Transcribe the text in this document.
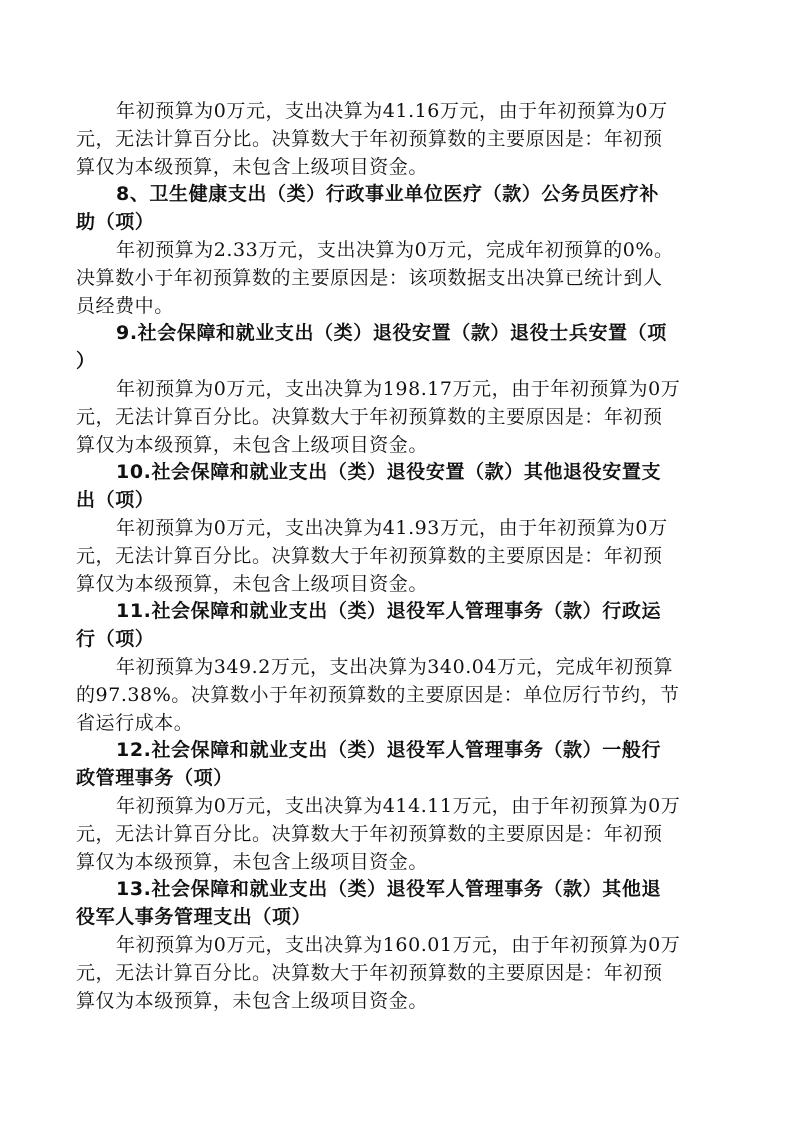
年初预算为0万元，支出决算为41.16万元，由于年初预算为0万
元，无法计算百分比。决算数大于年初预算数的主要原因是：年初预
算仅为本级预算，未包含上级项目资金。
8、卫生健康支出（类）行政事业单位医疗（款）公务员医疗补
助（项）
年初预算为2.33万元，支出决算为0万元，完成年初预算的0%。
决算数小于年初预算数的主要原因是：该项数据支出决算已统计到人
员经费中。
9.社会保障和就业支出（类）退役安置（款）退役士兵安置（项
）
年初预算为0万元，支出决算为198.17万元，由于年初预算为0万
元，无法计算百分比。决算数大于年初预算数的主要原因是：年初预
算仅为本级预算，未包含上级项目资金。
10.社会保障和就业支出（类）退役安置（款）其他退役安置支
出（项）
年初预算为0万元，支出决算为41.93万元，由于年初预算为0万
元，无法计算百分比。决算数大于年初预算数的主要原因是：年初预
算仅为本级预算，未包含上级项目资金。
11.社会保障和就业支出（类）退役军人管理事务（款）行政运
行（项）
年初预算为349.2万元，支出决算为340.04万元，完成年初预算
的97.38%。决算数小于年初预算数的主要原因是：单位厉行节约，节
省运行成本。
12.社会保障和就业支出（类）退役军人管理事务（款）一般行
政管理事务（项）
年初预算为0万元，支出决算为414.11万元，由于年初预算为0万
元，无法计算百分比。决算数大于年初预算数的主要原因是：年初预
算仅为本级预算，未包含上级项目资金。
13.社会保障和就业支出（类）退役军人管理事务（款）其他退
役军人事务管理支出（项）
年初预算为0万元，支出决算为160.01万元，由于年初预算为0万
元，无法计算百分比。决算数大于年初预算数的主要原因是：年初预
算仅为本级预算，未包含上级项目资金。
